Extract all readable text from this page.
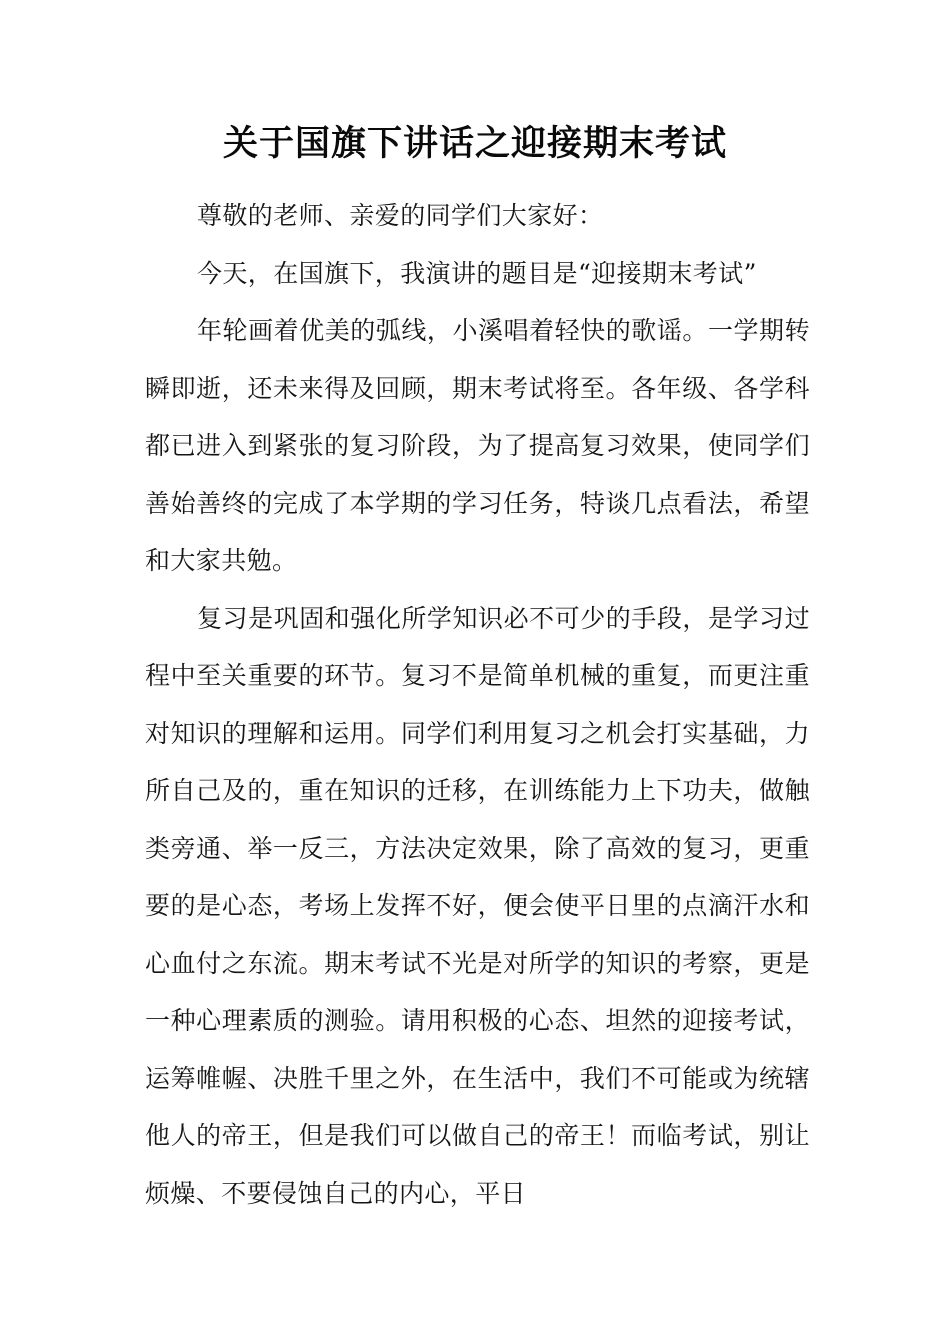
关于国旗下讲话之迎接期末考试

尊敬的老师、亲爱的同学们大家好：

今天，在国旗下，我演讲的题目是“迎接期末考试”

年轮画着优美的弧线，小溪唱着轻快的歌谣。一学期转瞬即逝，还未来得及回顾，期末考试将至。各年级、各学科都已进入到紧张的复习阶段，为了提高复习效果，使同学们善始善终的完成了本学期的学习任务，特谈几点看法，希望和大家共勉。

复习是巩固和强化所学知识必不可少的手段，是学习过程中至关重要的环节。复习不是简单机械的重复，而更注重对知识的理解和运用。同学们利用复习之机会打实基础，力所自己及的，重在知识的迁移，在训练能力上下功夫，做触类旁通、举一反三，方法决定效果，除了高效的复习，更重要的是心态，考场上发挥不好，便会使平日里的点滴汗水和心血付之东流。期末考试不光是对所学的知识的考察，更是一种心理素质的测验。请用积极的心态、坦然的迎接考试，运筹帷幄、决胜千里之外，在生活中，我们不可能或为统辖他人的帝王，但是我们可以做自己的帝王！而临考试，别让烦燥、不要侵蚀自己的内心，平日
